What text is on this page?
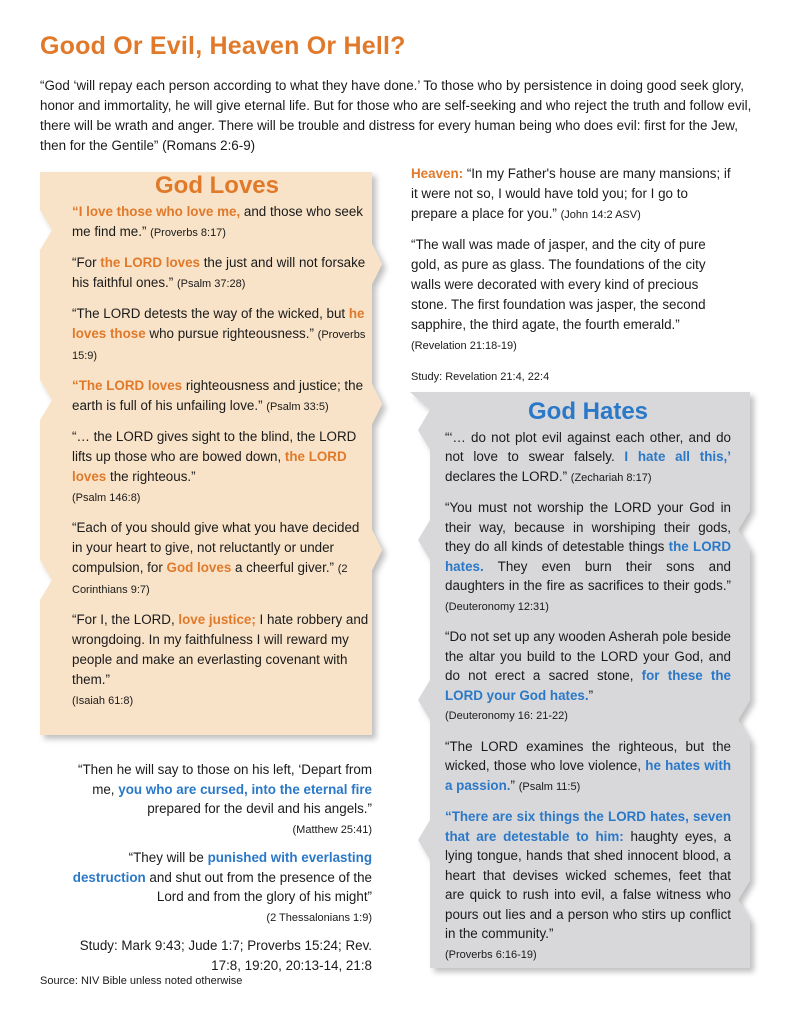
Good Or Evil, Heaven Or Hell?
“God ‘will repay each person according to what they have done.’ To those who by persistence in doing good seek glory, honor and immortality, he will give eternal life. But for those who are self-seeking and who reject the truth and follow evil, there will be wrath and anger. There will be trouble and distress for every human being who does evil: first for the Jew, then for the Gentile” (Romans 2:6-9)
God Loves

“I love those who love me, and those who seek me find me.” (Proverbs 8:17)

“For the LORD loves the just and will not forsake his faithful ones.” (Psalm 37:28)

“The LORD detests the way of the wicked, but he loves those who pursue righteousness.” (Proverbs 15:9)

“The LORD loves righteousness and justice; the earth is full of his unfailing love.” (Psalm 33:5)

“… the LORD gives sight to the blind, the LORD lifts up those who are bowed down, the LORD loves the righteous.”
(Psalm 146:8)

“Each of you should give what you have decided in your heart to give, not reluctantly or under compulsion, for God loves a cheerful giver.” (2 Corinthians 9:7)

“For I, the LORD, love justice; I hate robbery and wrongdoing. In my faithfulness I will reward my people and make an everlasting covenant with them.”
(Isaiah 61:8)

Heaven: “In my Father's house are many mansions; if it were not so, I would have told you; for I go to prepare a place for you.” (John 14:2 ASV)

“The wall was made of jasper, and the city of pure gold, as pure as glass. The foundations of the city walls were decorated with every kind of precious stone. The first foundation was jasper, the second sapphire, the third agate, the fourth emerald.”
(Revelation 21:18-19)

Study: Revelation 21:4, 22:4

God Hates

“‘… do not plot evil against each other, and do not love to swear falsely. I hate all this,’ declares the LORD.” (Zechariah 8:17)

“You must not worship the LORD your God in their way, because in worshiping their gods, they do all kinds of detestable things the LORD hates. They even burn their sons and daughters in the fire as sacrifices to their gods.” (Deuteronomy 12:31)

“Do not set up any wooden Asherah pole beside the altar you build to the LORD your God, and do not erect a sacred stone, for these the LORD your God hates.”
(Deuteronomy 16: 21-22)

“The LORD examines the righteous, but the wicked, those who love violence, he hates with a passion.” (Psalm 11:5)

“There are six things the LORD hates, seven that are detestable to him: haughty eyes, a lying tongue, hands that shed innocent blood, a heart that devises wicked schemes, feet that are quick to rush into evil, a false witness who pours out lies and a person who stirs up conflict in the community.”
(Proverbs 6:16-19)

“Then he will say to those on his left, ‘Depart from me, you who are cursed, into the eternal fire prepared for the devil and his angels.”
(Matthew 25:41)

“They will be punished with everlasting destruction and shut out from the presence of the Lord and from the glory of his might”
(2 Thessalonians 1:9)

Study: Mark 9:43; Jude 1:7; Proverbs 15:24; Rev. 17:8, 19:20, 20:13-14, 21:8

Source: NIV Bible unless noted otherwise
